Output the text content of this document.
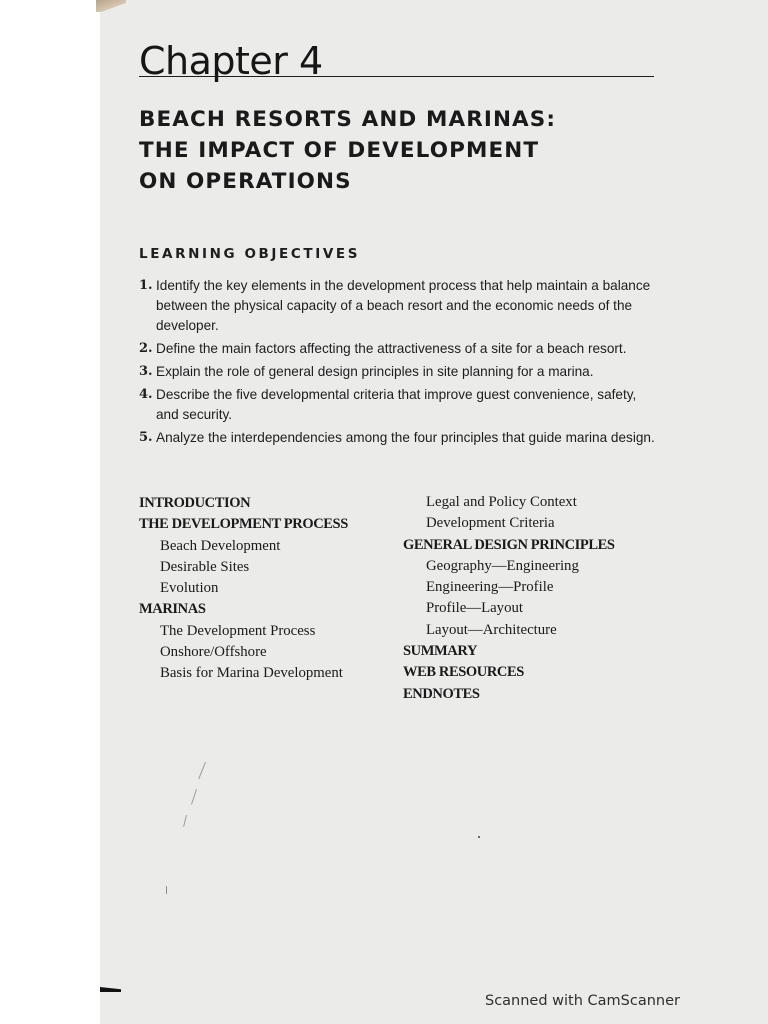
Chapter 4
BEACH RESORTS AND MARINAS:
THE IMPACT OF DEVELOPMENT
ON OPERATIONS
LEARNING OBJECTIVES
1. Identify the key elements in the development process that help maintain a balance between the physical capacity of a beach resort and the economic needs of the developer.
2. Define the main factors affecting the attractiveness of a site for a beach resort.
3. Explain the role of general design principles in site planning for a marina.
4. Describe the five developmental criteria that improve guest convenience, safety, and security.
5. Analyze the interdependencies among the four principles that guide marina design.
INTRODUCTION
THE DEVELOPMENT PROCESS
Beach Development
Desirable Sites
Evolution
MARINAS
The Development Process
Onshore/Offshore
Basis for Marina Development
Legal and Policy Context
Development Criteria
GENERAL DESIGN PRINCIPLES
Geography—Engineering
Engineering—Profile
Profile—Layout
Layout—Architecture
SUMMARY
WEB RESOURCES
ENDNOTES

Scanned with CamScanner
